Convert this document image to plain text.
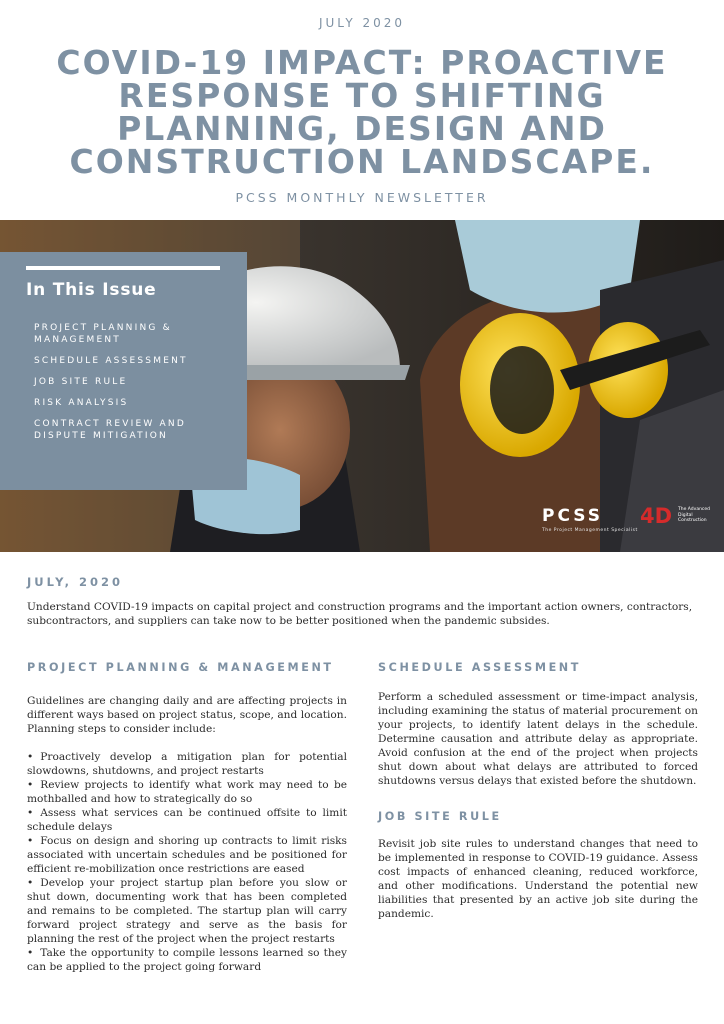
JULY 2020
COVID-19 IMPACT: PROACTIVE RESPONSE TO SHIFTING PLANNING, DESIGN AND CONSTRUCTION LANDSCAPE.
PCSS MONTHLY NEWSLETTER
In This Issue
PROJECT PLANNING & MANAGEMENT
SCHEDULE ASSESSMENT
JOB SITE RULE
RISK ANALYSIS
CONTRACT REVIEW AND DISPUTE MITIGATION
PCSS 4D The Advanced Digital Construction
The Project Management Specialist
JULY, 2020

Understand COVID-19 impacts on capital project and construction programs and the important action owners, contractors, subcontractors, and suppliers can take now to be better positioned when the pandemic subsides.

PROJECT PLANNING & MANAGEMENT
Guidelines are changing daily and are affecting projects in different ways based on project status, scope, and location. Planning steps to consider include:
• Proactively develop a mitigation plan for potential slowdowns, shutdowns, and project restarts
• Review projects to identify what work may need to be mothballed and how to strategically do so
• Assess what services can be continued offsite to limit schedule delays
• Focus on design and shoring up contracts to limit risks associated with uncertain schedules and be positioned for efficient re-mobilization once restrictions are eased
• Develop your project startup plan before you slow or shut down, documenting work that has been completed and remains to be completed. The startup plan will carry forward project strategy and serve as the basis for planning the rest of the project when the project restarts
• Take the opportunity to compile lessons learned so they can be applied to the project going forward
SCHEDULE ASSESSMENT

Perform a scheduled assessment or time-impact analysis, including examining the status of material procurement on your projects, to identify latent delays in the schedule. Determine causation and attribute delay as appropriate. Avoid confusion at the end of the project when projects shut down about what delays are attributed to forced shutdowns versus delays that existed before the shutdown.

JOB SITE RULE

Revisit job site rules to understand changes that need to be implemented in response to COVID-19 guidance. Assess cost impacts of enhanced cleaning, reduced workforce, and other modifications. Understand the potential new liabilities that presented by an active job site during the pandemic.
